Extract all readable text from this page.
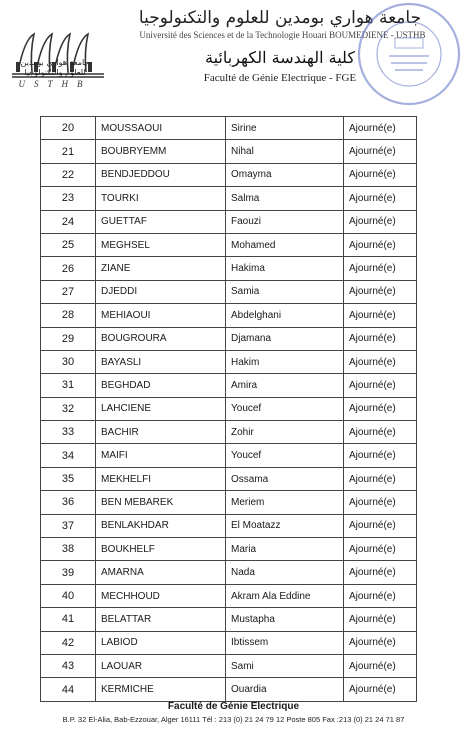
جامعة هواري بومدين للعلوم والتكنولوجيا
USTHB
جامعة هواري بومدين للعلوم والتكنولوجيا
Université des Sciences et de la Technologie Houari BOUMEDIENE - USTHB
كلية الهندسة الكهربائية
Faculté de Génie Electrique - FGE
20	MOUSSAOUI	Sirine	Ajourné(e)
21	BOUBRYEMM	Nihal	Ajourné(e)
22	BENDJEDDOU	Omayma	Ajourné(e)
23	TOURKI	Salma	Ajourné(e)
24	GUETTAF	Faouzi	Ajourné(e)
25	MEGHSEL	Mohamed	Ajourné(e)
26	ZIANE	Hakima	Ajourné(e)
27	DJEDDI	Samia	Ajourné(e)
28	MEHIAOUI	Abdelghani	Ajourné(e)
29	BOUGROURA	Djamana	Ajourné(e)
30	BAYASLI	Hakim	Ajourné(e)
31	BEGHDAD	Amira	Ajourné(e)
32	LAHCIENE	Youcef	Ajourné(e)
33	BACHIR	Zohir	Ajourné(e)
34	MAIFI	Youcef	Ajourné(e)
35	MEKHELFI	Ossama	Ajourné(e)
36	BEN MEBAREK	Meriem	Ajourné(e)
37	BENLAKHDAR	El Moatazz	Ajourné(e)
38	BOUKHELF	Maria	Ajourné(e)
39	AMARNA	Nada	Ajourné(e)
40	MECHHOUD	Akram Ala Eddine	Ajourné(e)
41	BELATTAR	Mustapha	Ajourné(e)
42	LABIOD	Ibtissem	Ajourné(e)
43	LAOUAR	Sami	Ajourné(e)
44	KERMICHE	Ouardia	Ajourné(e)
Faculté de Génie Electrique
B.P. 32 El-Alia, Bab-Ezzouar, Alger 16111 Tél : 213 (0) 21 24 79 12 Poste 805 Fax :213 (0) 21 24 71 87
